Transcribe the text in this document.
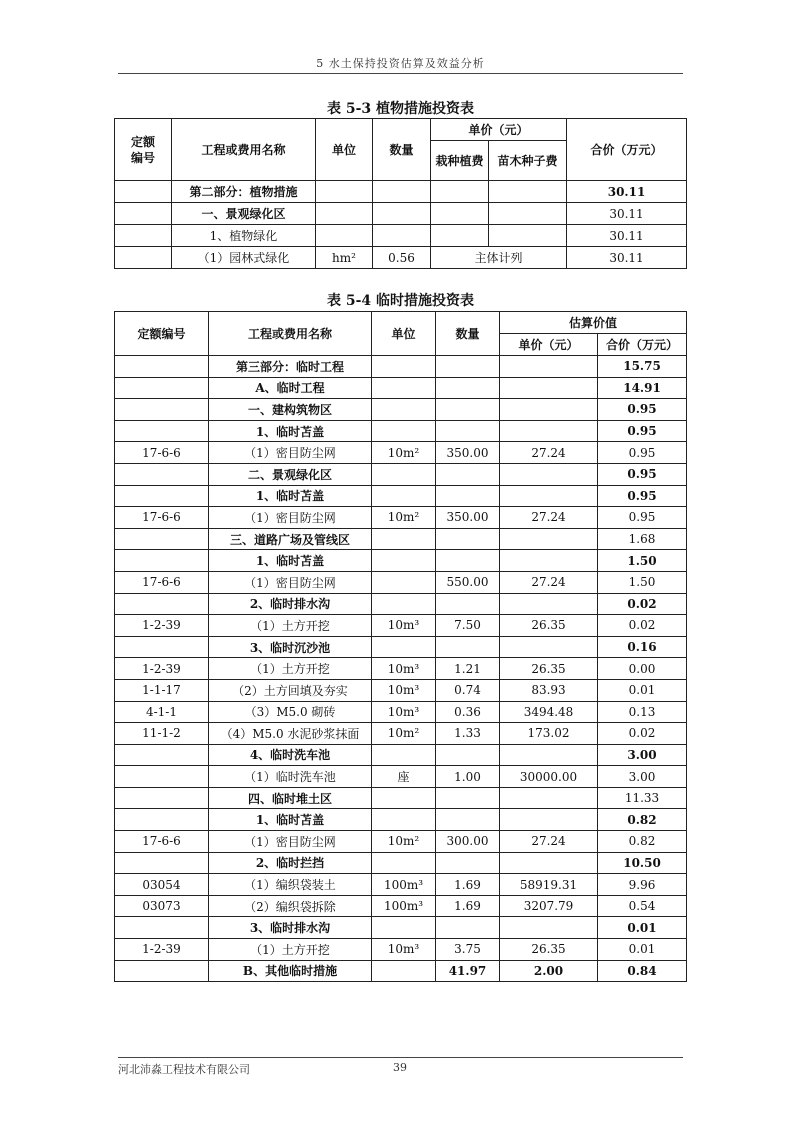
5 水土保持投资估算及效益分析
表 5-3 植物措施投资表
定额
编号	工程或费用名称	单位	数量	单价（元）		合价（万元）
				栽种植费	苗木种子费	
	第二部分：植物措施					30.11
	一、景观绿化区					30.11
	1、植物绿化					30.11
	（1）园林式绿化	hm²	0.56	主体计列		30.11
表 5-4 临时措施投资表
定额编号	工程或费用名称	单位	数量	估算价值	
				单价（元）	合价（万元）
	第三部分：临时工程				15.75
	A、临时工程				14.91
	一、建构筑物区				0.95
	1、临时苫盖				0.95
17-6-6	（1）密目防尘网	10m²	350.00	27.24	0.95
	二、景观绿化区				0.95
	1、临时苫盖				0.95
17-6-6	（1）密目防尘网	10m²	350.00	27.24	0.95
	三、道路广场及管线区				1.68
	1、临时苫盖				1.50
17-6-6	（1）密目防尘网		550.00	27.24	1.50
	2、临时排水沟				0.02
1-2-39	（1）土方开挖	10m³	7.50	26.35	0.02
	3、临时沉沙池				0.16
1-2-39	（1）土方开挖	10m³	1.21	26.35	0.00
1-1-17	（2）土方回填及夯实	10m³	0.74	83.93	0.01
4-1-1	（3）M5.0 砌砖	10m³	0.36	3494.48	0.13
11-1-2	（4）M5.0 水泥砂浆抹面	10m²	1.33	173.02	0.02
	4、临时洗车池				3.00
	（1）临时洗车池	座	1.00	30000.00	3.00
	四、临时堆土区				11.33
	1、临时苫盖				0.82
17-6-6	（1）密目防尘网	10m²	300.00	27.24	0.82
	2、临时拦挡				10.50
03054	（1）编织袋装土	100m³	1.69	58919.31	9.96
03073	（2）编织袋拆除	100m³	1.69	3207.79	0.54
	3、临时排水沟				0.01
1-2-39	（1）土方开挖	10m³	3.75	26.35	0.01
	B、其他临时措施		41.97	2.00	0.84
河北沛淼工程技术有限公司	39
